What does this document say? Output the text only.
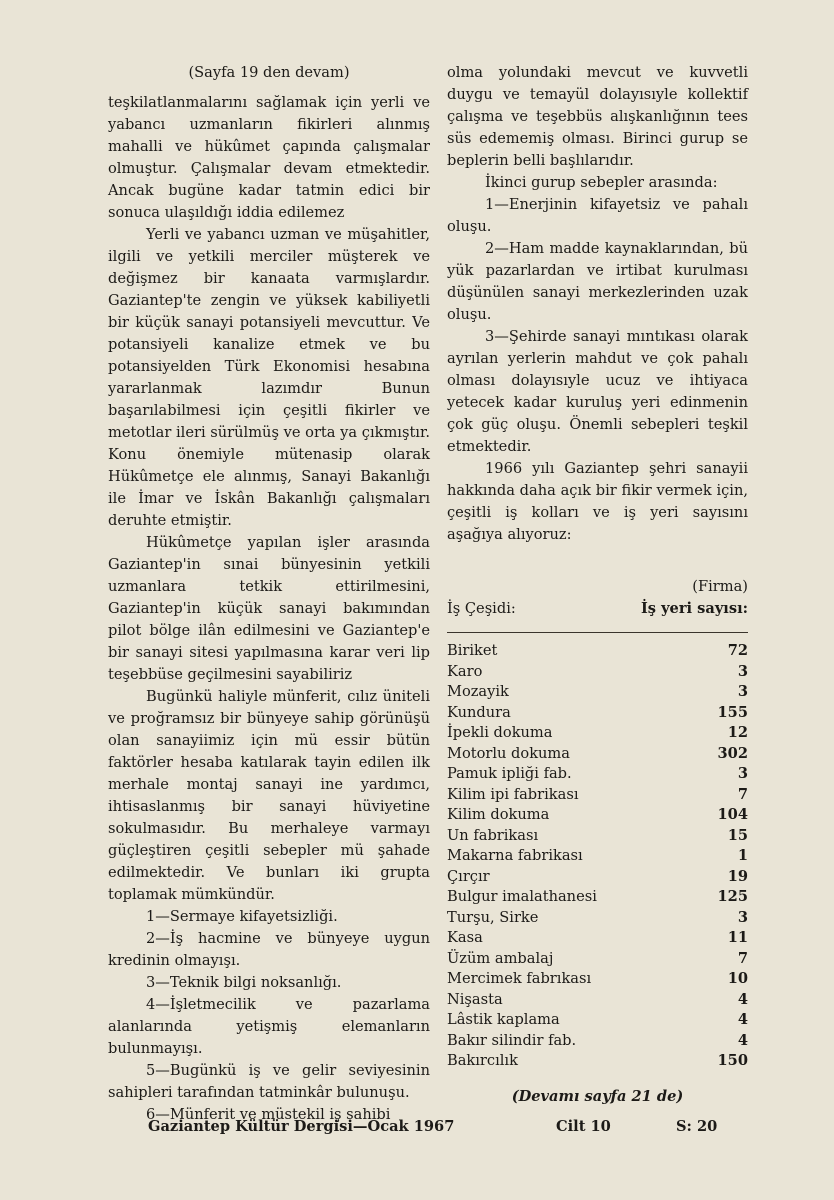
(Sayfa 19 den devam)

teşkilatlanmalarını sağlamak için yerli ve yabancı uzmanların fikirleri alınmış mahalli ve hükûmet çapında çalışmalar olmuştur. Çalışmalar devam etmektedir. Ancak bugüne kadar tatmin edici bir sonuca ulaşıldığı iddia edilemez

Yerli ve yabancı uzman ve müşahitler, ilgili ve yetkili merciler müşterek ve değişmez bir kanaata varmışlardır. Gaziantep'te zengin ve yüksek kabiliyetli bir küçük sanayi potansiyeli mevcuttur. Ve potansiyeli kanalize etmek ve bu potansiyelden Türk Ekonomisi hesabına yararlanmak lazımdır Bunun başarılabilmesi için çeşitli fikirler ve metotlar ileri sürülmüş ve orta ya çıkmıştır. Konu önemiyle mütenasip olarak Hükûmetçe ele alınmış, Sanayi Bakanlığı ile İmar ve İskân Bakanlığı çalışmaları deruhte etmiştir.

Hükûmetçe yapılan işler arasında Gaziantep'in sınai bünyesinin yetkili uzmanlara tetkik ettirilmesini, Gaziantep'in küçük sanayi bakımından pilot bölge ilân edilmesini ve Gaziantep'e bir sanayi sitesi yapılmasına karar veri lip teşebbüse geçilmesini sayabiliriz

Bugünkü haliyle münferit, cılız üniteli ve proğramsız bir bünyeye sahip görünüşü olan sanayiimiz için mü essir bütün faktörler hesaba katılarak tayin edilen ilk merhale montaj sanayi ine yardımcı, ihtisaslanmış bir sanayi hüviyetine sokulmasıdır. Bu merhaleye varmayı güçleştiren çeşitli sebepler mü şahade edilmektedir. Ve bunları iki grupta toplamak mümkündür.

1—Sermaye kifayetsizliği.

2—İş hacmine ve bünyeye uygun kredinin olmayışı.

3—Teknik bilgi noksanlığı.

4—İşletmecilik ve pazarlama alanlarında yetişmiş elemanların bulunmayışı.

5—Bugünkü iş ve gelir seviyesinin sahipleri tarafından tatminkâr bulunuşu.

6—Münferit ve müstekil iş sahibi

olma yolundaki mevcut ve kuvvetli duygu ve temayül dolayısıyle kollektif çalışma ve teşebbüs alışkanlığının tees süs edememiş olması. Birinci gurup se beplerin belli başlılarıdır.

İkinci gurup sebepler arasında:

1—Enerjinin kifayetsiz ve pahalı oluşu.

2—Ham madde kaynaklarından, bü yük pazarlardan ve irtibat kurulması düşünülen sanayi merkezlerinden uzak oluşu.

3—Şehirde sanayi mıntıkası olarak ayrılan yerlerin mahdut ve çok pahalı olması dolayısıyle ucuz ve ihtiyaca yetecek kadar kuruluş yeri edinmenin çok güç oluşu. Önemli sebepleri teşkil etmektedir.

1966 yılı Gaziantep şehri sanayii hakkında daha açık bir fikir vermek için, çeşitli iş kolları ve iş yeri sayısını aşağıya alıyoruz:

(Firma)
İş Çeşidi:	İş yeri sayısı:
Biriket	72
Karo	3
Mozayik	3
Kundura	155
İpekli dokuma	12
Motorlu dokuma	302
Pamuk ipliği fab.	3
Kilim ipi fabrikası	7
Kilim dokuma	104
Un fabrikası	15
Makarna fabrikası	1
Çırçır	19
Bulgur imalathanesi	125
Turşu, Sirke	3
Kasa	11
Üzüm ambalaj	7
Mercimek fabrıkası	10
Nişasta	4
Lâstik kaplama	4
Bakır silindir fab.	4
Bakırcılık	150
(Devamı sayfa 21 de)
Gaziantep Kültür Dergisi—Ocak 1967	Cilt 10	S: 20
